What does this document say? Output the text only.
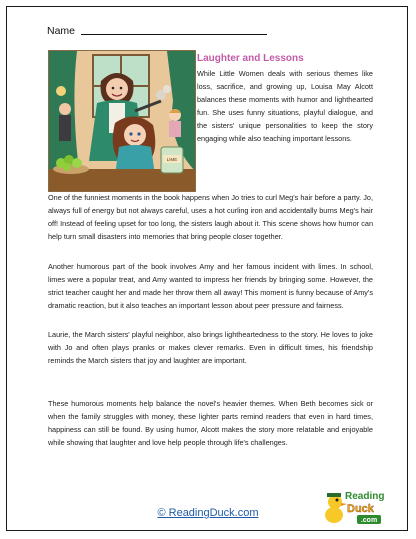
Name
LIME
Laughter and Lessons

While Little Women deals with serious themes like loss, sacrifice, and growing up, Louisa May Alcott balances these moments with humor and lighthearted fun. She uses funny situations, playful dialogue, and the sisters' unique personalities to keep the story engaging while also teaching important lessons.

One of the funniest moments in the book happens when Jo tries to curl Meg's hair before a party. Jo, always full of energy but not always careful, uses a hot curling iron and accidentally burns Meg's hair off! Instead of feeling upset for too long, the sisters laugh about it. This scene shows how humor can help turn small disasters into memories that bring people closer together.

Another humorous part of the book involves Amy and her famous incident with limes. In school, limes were a popular treat, and Amy wanted to impress her friends by bringing some. However, the strict teacher caught her and made her throw them all away! This moment is funny because of Amy's dramatic reaction, but it also teaches an important lesson about peer pressure and fairness.

Laurie, the March sisters' playful neighbor, also brings lightheartedness to the story. He loves to joke with Jo and often plays pranks or makes clever remarks. Even in difficult times, his friendship reminds the March sisters that joy and laughter are important.

These humorous moments help balance the novel's heavier themes. When Beth becomes sick or when the family struggles with money, these lighter parts remind readers that even in hard times, happiness can still be found. By using humor, Alcott makes the story more relatable and enjoyable while showing that laughter and love help people through life's challenges.

© ReadingDuck.com
Reading
Duck
.com
